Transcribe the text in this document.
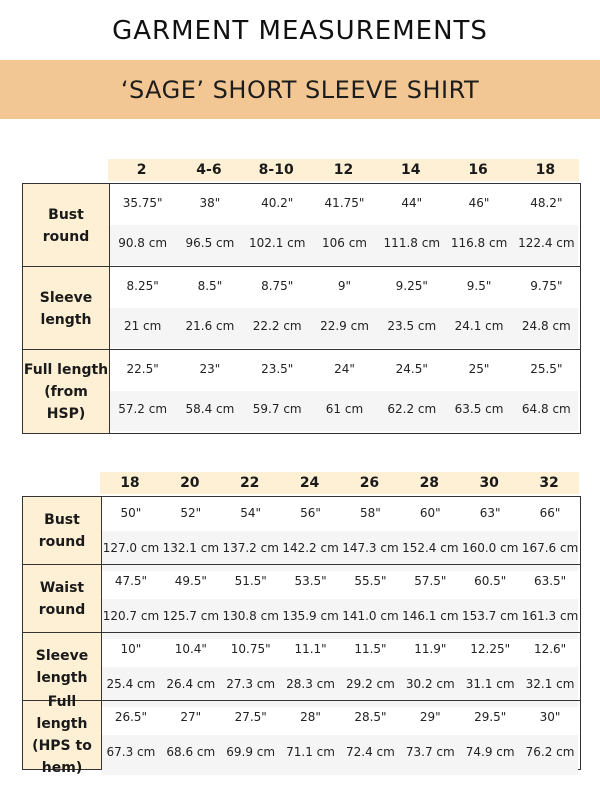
GARMENT MEASUREMENTS
‘SAGE’ SHORT SLEEVE SHIRT
2	4-6	8-10	12	14	16	18
Bust
round
35.75"	38"	40.2"	41.75"	44"	46"	48.2"
90.8 cm	96.5 cm	102.1 cm	106 cm	111.8 cm 116.8 cm 122.4 cm
Sleeve
length
8.25"	8.5"	8.75"	9"	9.25"	9.5"	9.75"
21 cm	21.6 cm	22.2 cm	22.9 cm	23.5 cm	24.1 cm	24.8 cm
Full length
(from HSP)
22.5"	23"	23.5"	24"	24.5"	25"	25.5"
57.2 cm	58.4 cm	59.7 cm	61 cm	62.2 cm	63.5 cm	64.8 cm
18	20	22	24	26	28	30	32
Bust
round
50"	52"	54"	56"	58"	60"	63"	66"
127.0 cm 132.1 cm 137.2 cm 142.2 cm 147.3 cm 152.4 cm 160.0 cm 167.6 cm
Waist
round
47.5"	49.5"	51.5"	53.5"	55.5"	57.5"	60.5"	63.5"
120.7 cm 125.7 cm 130.8 cm 135.9 cm 141.0 cm 146.1 cm 153.7 cm 161.3 cm
Sleeve
length
10"	10.4"	10.75"	11.1"	11.5"	11.9"	12.25"	12.6"
25.4 cm 26.4 cm 27.3 cm 28.3 cm 29.2 cm 30.2 cm 31.1 cm 32.1 cm
Full length
(HPS to
hem)
26.5"	27"	27.5"	28"	28.5"	29"	29.5"	30"
67.3 cm 68.6 cm 69.9 cm 71.1 cm 72.4 cm 73.7 cm 74.9 cm 76.2 cm
